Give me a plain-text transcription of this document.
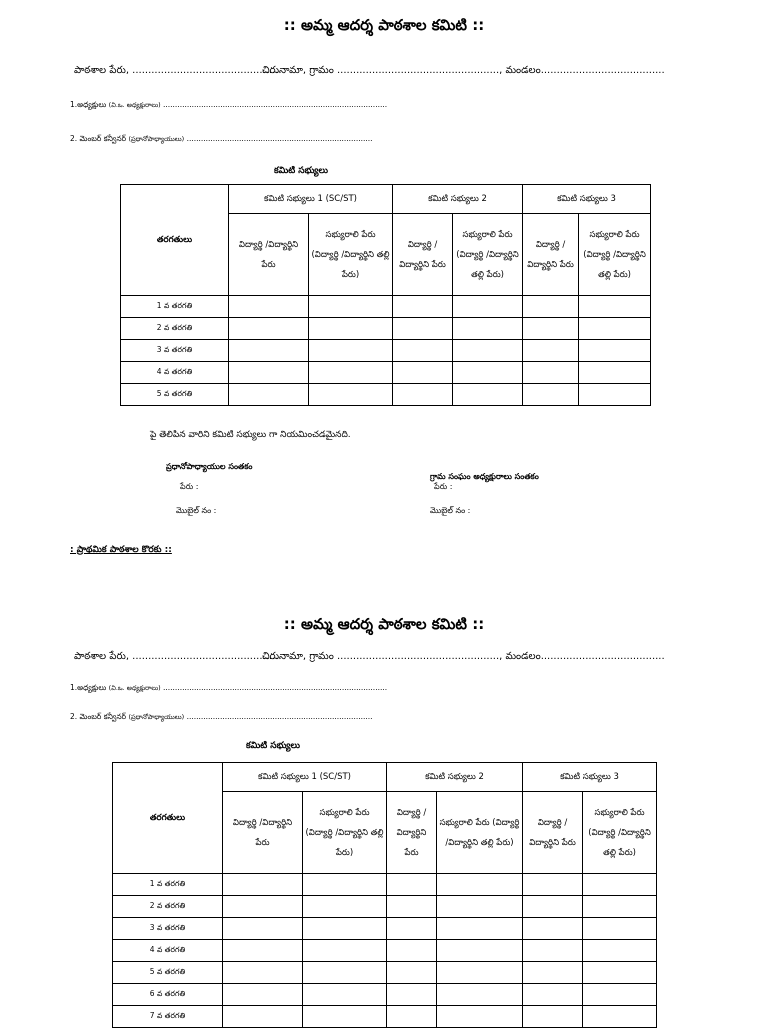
:: అమ్మ ఆదర్శ పాఠశాల కమిటి ::
పాఠశాల పేరు, ...............................................
చిరునామా, గ్రామం ..................................................., మండలం.......................................
1.అధ్యక్షులు (వి.ఒ. అధ్యక్షురాలు) ..............................................................................................
2. మెంబర్ కన్వీనర్ (ప్రధానోపాధ్యాయులు) ..............................................................................
కమిటి సభ్యులు
తరగతులు	కమిటి సభ్యులు 1 (SC/ST)		కమిటి సభ్యులు 2		కమిటి సభ్యులు 3	
	విద్యార్థి /విద్యార్థిని పేరు	సభ్యురాలి పేరు (విద్యార్థి /విద్యార్థిని తల్లి పేరు)	విద్యార్థి /విద్యార్థిని పేరు	సభ్యురాలి పేరు (విద్యార్థి /విద్యార్థిని తల్లి పేరు)	విద్యార్థి /విద్యార్థిని పేరు	సభ్యురాలి పేరు (విద్యార్థి /విద్యార్థిని తల్లి పేరు)
1 వ తరగతి						
2 వ తరగతి						
3 వ తరగతి						
4 వ తరగతి						
5 వ తరగతి						
పై తెలిపిన వారిని కమిటి సభ్యులు గా నియమించడమైనది.
ప్రధానోపాధ్యాయుల సంతకం
పేరు :
మొబైల్ నం :
గ్రామ సంఘం అధ్యక్షురాలు సంతకం
పేరు :
మొబైల్ నం :
: ప్రాథమిక పాఠశాల కొరకు ::
:: అమ్మ ఆదర్శ పాఠశాల కమిటి ::
పాఠశాల పేరు, ...............................................
చిరునామా, గ్రామం ..................................................., మండలం.......................................
1.అధ్యక్షులు (వి.ఒ. అధ్యక్షురాలు) ..............................................................................................
2. మెంబర్ కన్వీనర్ (ప్రధానోపాధ్యాయులు) ..............................................................................
కమిటి సభ్యులు
తరగతులు	కమిటి సభ్యులు 1 (SC/ST)		కమిటి సభ్యులు 2		కమిటి సభ్యులు 3	
	విద్యార్థి /విద్యార్థిని పేరు	సభ్యురాలి పేరు (విద్యార్థి /విద్యార్థిని తల్లి పేరు)	విద్యార్థి /విద్యార్థిని పేరు	సభ్యురాలి పేరు (విద్యార్థి /విద్యార్థిని తల్లి పేరు)	విద్యార్థి /విద్యార్థిని పేరు	సభ్యురాలి పేరు (విద్యార్థి /విద్యార్థిని తల్లి పేరు)
1 వ తరగతి						
2 వ తరగతి						
3 వ తరగతి						
4 వ తరగతి						
5 వ తరగతి						
6 వ తరగతి						
7 వ తరగతి						
